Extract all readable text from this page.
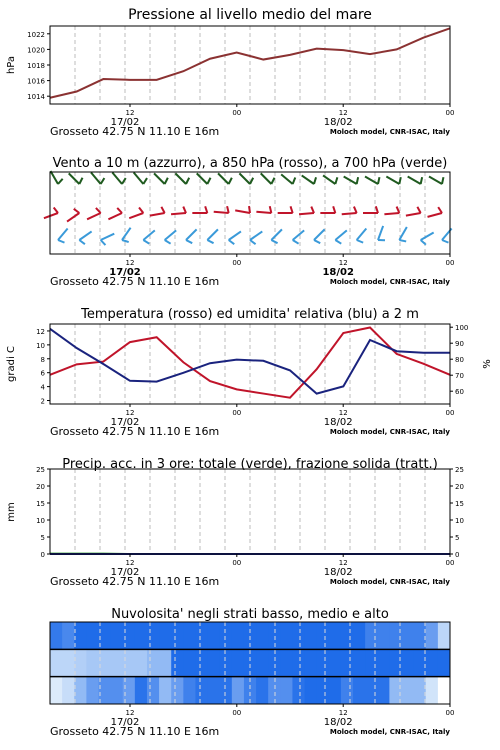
1014
1016
1018
1020
1022
Pressione al livello medio del mare
hPa
12	00	12	00
17/02	18/02
Grosseto 42.75 N 11.10 E 16m	Moloch model, CNR-ISAC, Italy
Vento a 10 m (azzurro), a 850 hPa (rosso), a 700 hPa (verde)
12	00	12	00
17/02	18/02
Grosseto 42.75 N 11.10 E 16m	Moloch model, CNR-ISAC, Italy
2
4
6
8
10
12
60
70
80
90
100
Temperatura (rosso) ed umidita' relativa (blu) a 2 m
gradi C	%
12	00	12	00
17/02	18/02
Grosseto 42.75 N 11.10 E 16m	Moloch model, CNR-ISAC, Italy
0	0
5	5
10	10
15	15
20	20
25	25
Precip. acc. in 3 ore: totale (verde), frazione solida (tratt.)
mm
12	00	12	00
17/02	18/02
Grosseto 42.75 N 11.10 E 16m	Moloch model, CNR-ISAC, Italy
Nuvolosita' negli strati basso, medio e alto
12	00	12	00
17/02	18/02
Grosseto 42.75 N 11.10 E 16m	Moloch model, CNR-ISAC, Italy
